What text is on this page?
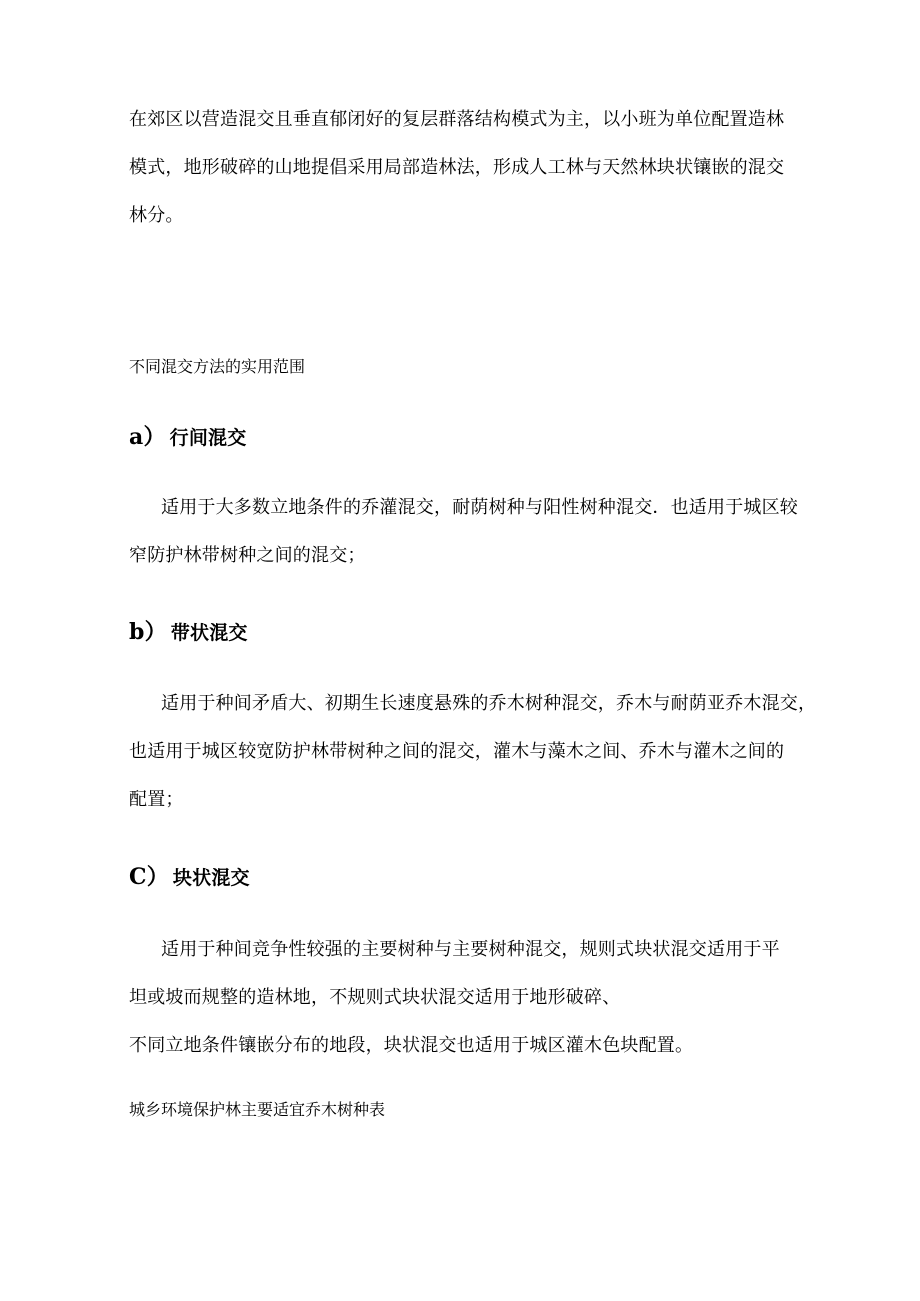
在郊区以营造混交且垂直郁闭好的复层群落结构模式为主，以小班为单位配置造林
模式，地形破碎的山地提倡采用局部造林法，形成人工林与天然林块状镶嵌的混交
林分。
不同混交方法的实用范围
a） 行间混交
适用于大多数立地条件的乔灌混交，耐荫树种与阳性树种混交．也适用于城区较
窄防护林带树种之间的混交；
b） 带状混交
适用于种间矛盾大、初期生长速度悬殊的乔木树种混交，乔木与耐荫亚乔木混交，
也适用于城区较宽防护林带树种之间的混交，灌木与藻木之间、乔木与灌木之间的
配置；
C） 块状混交
适用于种间竞争性较强的主要树种与主要树种混交，规则式块状混交适用于平
坦或坡而规整的造林地，不规则式块状混交适用于地形破碎、
不同立地条件镶嵌分布的地段，块状混交也适用于城区灌木色块配置。
城乡环境保护林主要适宜乔木树种表
